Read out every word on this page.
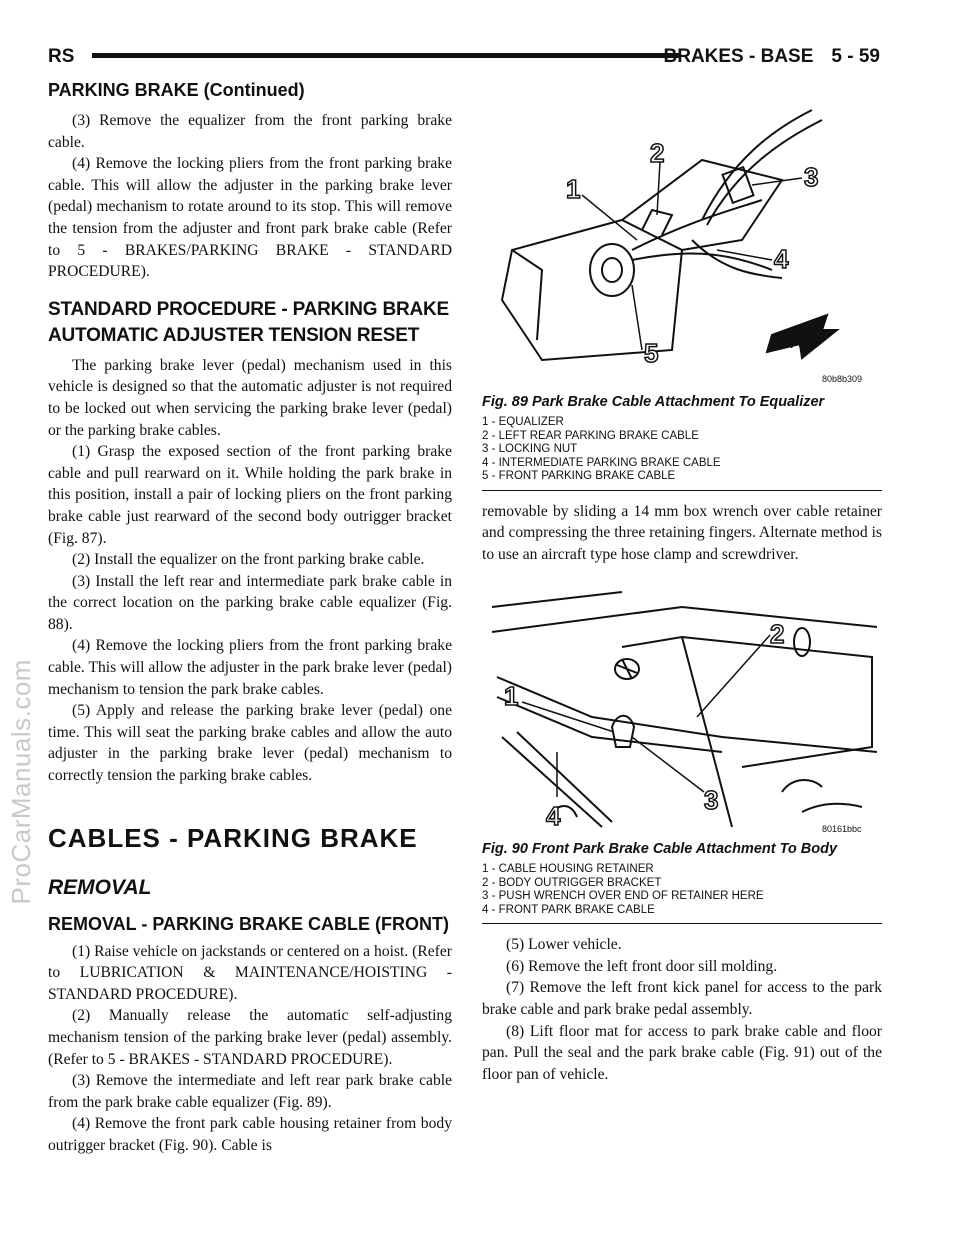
ProCarManuals.com
RS	BRAKES - BASE 5 - 59
PARKING BRAKE (Continued)

(3) Remove the equalizer from the front parking brake cable.

(4) Remove the locking pliers from the front parking brake cable. This will allow the adjuster in the parking brake lever (pedal) mechanism to rotate around to its stop. This will remove the tension from the adjuster and front park brake cable (Refer to 5 - BRAKES/PARKING BRAKE - STANDARD PROCEDURE).

STANDARD PROCEDURE - PARKING BRAKE AUTOMATIC ADJUSTER TENSION RESET

The parking brake lever (pedal) mechanism used in this vehicle is designed so that the automatic adjuster is not required to be locked out when servicing the parking brake lever (pedal) or the parking brake cables.

(1) Grasp the exposed section of the front parking brake cable and pull rearward on it. While holding the park brake in this position, install a pair of locking pliers on the front parking brake cable just rearward of the second body outrigger bracket (Fig. 87).

(2) Install the equalizer on the front parking brake cable.

(3) Install the left rear and intermediate park brake cable in the correct location on the parking brake cable equalizer (Fig. 88).

(4) Remove the locking pliers from the front parking brake cable. This will allow the adjuster in the park brake lever (pedal) mechanism to tension the park brake cables.

(5) Apply and release the parking brake lever (pedal) one time. This will seat the parking brake cables and allow the auto adjuster in the parking brake lever (pedal) mechanism to correctly tension the parking brake cables.

CABLES - PARKING BRAKE
REMOVAL
REMOVAL - PARKING BRAKE CABLE (FRONT)

(1) Raise vehicle on jackstands or centered on a hoist. (Refer to LUBRICATION & MAINTENANCE/HOISTING - STANDARD PROCEDURE).

(2) Manually release the automatic self-adjusting mechanism tension of the parking brake lever (pedal) assembly. (Refer to 5 - BRAKES - STANDARD PROCEDURE).

(3) Remove the intermediate and left rear park brake cable from the park brake cable equalizer (Fig. 89).

(4) Remove the front park cable housing retainer from body outrigger bracket (Fig. 90). Cable is

1
2
3
4
5	FWD
80b8b309
Fig. 89 Park Brake Cable Attachment To Equalizer
1 - EQUALIZER
2 - LEFT REAR PARKING BRAKE CABLE
3 - LOCKING NUT
4 - INTERMEDIATE PARKING BRAKE CABLE
5 - FRONT PARKING BRAKE CABLE

removable by sliding a 14 mm box wrench over cable retainer and compressing the three retaining fingers. Alternate method is to use an aircraft type hose clamp and screwdriver.

1
2
3
4	80161bbc
Fig. 90 Front Park Brake Cable Attachment To Body
1 - CABLE HOUSING RETAINER
2 - BODY OUTRIGGER BRACKET
3 - PUSH WRENCH OVER END OF RETAINER HERE
4 - FRONT PARK BRAKE CABLE

(5) Lower vehicle.

(6) Remove the left front door sill molding.

(7) Remove the left front kick panel for access to the park brake cable and park brake pedal assembly.

(8) Lift floor mat for access to park brake cable and floor pan. Pull the seal and the park brake cable (Fig. 91) out of the floor pan of vehicle.
